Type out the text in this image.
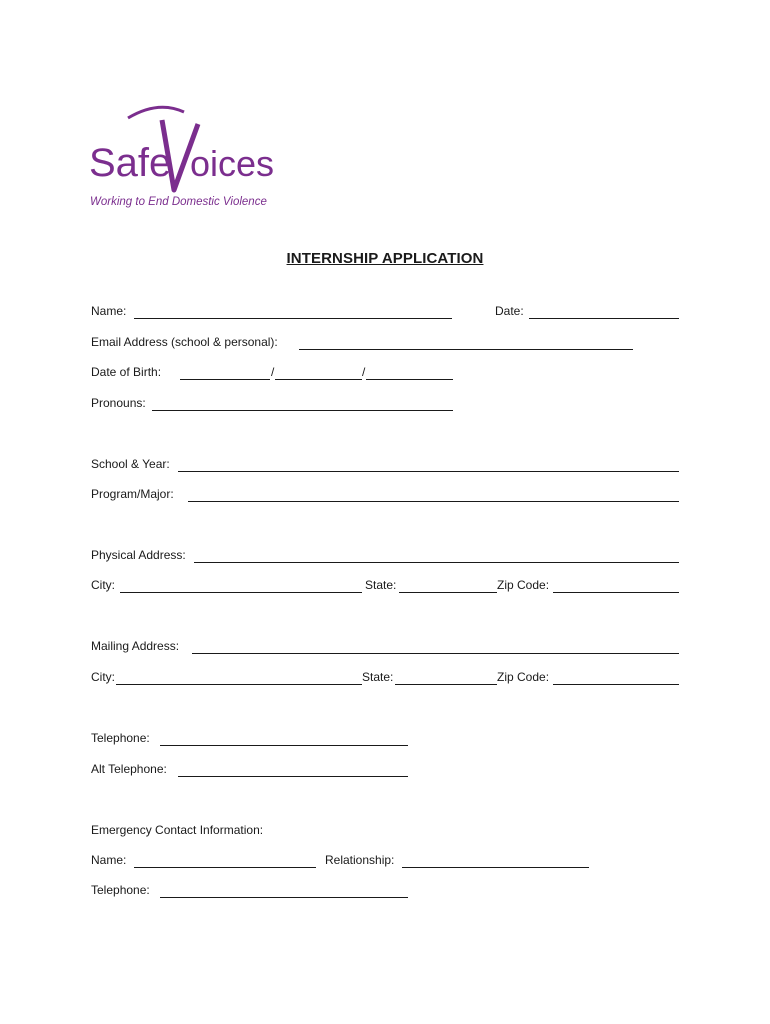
Safe oices
Working to End Domestic Violence
INTERNSHIP APPLICATION
Name:	Date:
Email Address (school & personal):
Date of Birth:	/	/
Pronouns:
School & Year:
Program/Major:
Physical Address:
City:	State:	Zip Code:
Mailing Address:
City:	State:	Zip Code:
Telephone:
Alt Telephone:
Emergency Contact Information:
Name:	Relationship:
Telephone:
